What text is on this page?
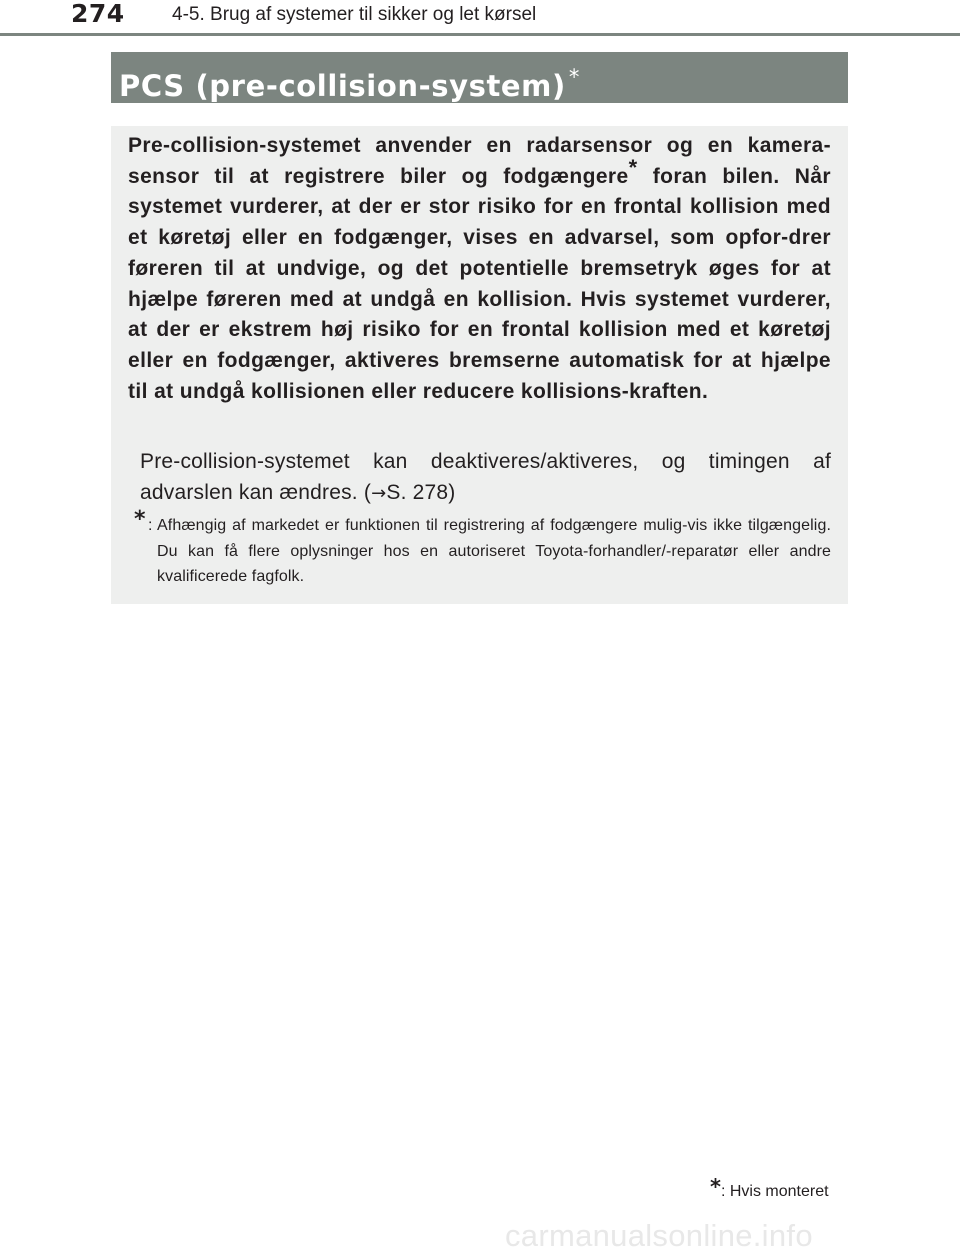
274 4-5. Brug af systemer til sikker og let kørsel
PCS (pre-collision-system) *

Pre-collision-systemet anvender en radarsensor og en kamera-sensor til at registrere biler og fodgængere* foran bilen. Når systemet vurderer, at der er stor risiko for en frontal kollision med et køretøj eller en fodgænger, vises en advarsel, som opfor-drer føreren til at undvige, og det potentielle bremsetryk øges for at hjælpe føreren med at undgå en kollision. Hvis systemet vurderer, at der er ekstrem høj risiko for en frontal kollision med et køretøj eller en fodgænger, aktiveres bremserne automatisk for at hjælpe til at undgå kollisionen eller reducere kollisions-kraften.

Pre-collision-systemet kan deaktiveres/aktiveres, og timingen af advarslen kan ændres. (→S. 278)

* : Afhængig af markedet er funktionen til registrering af fodgængere mulig-vis ikke tilgængelig. Du kan få flere oplysninger hos en autoriseret Toyota-forhandler/-reparatør eller andre kvalificerede fagfolk.

*: Hvis monteret
carmanualsonline.info
